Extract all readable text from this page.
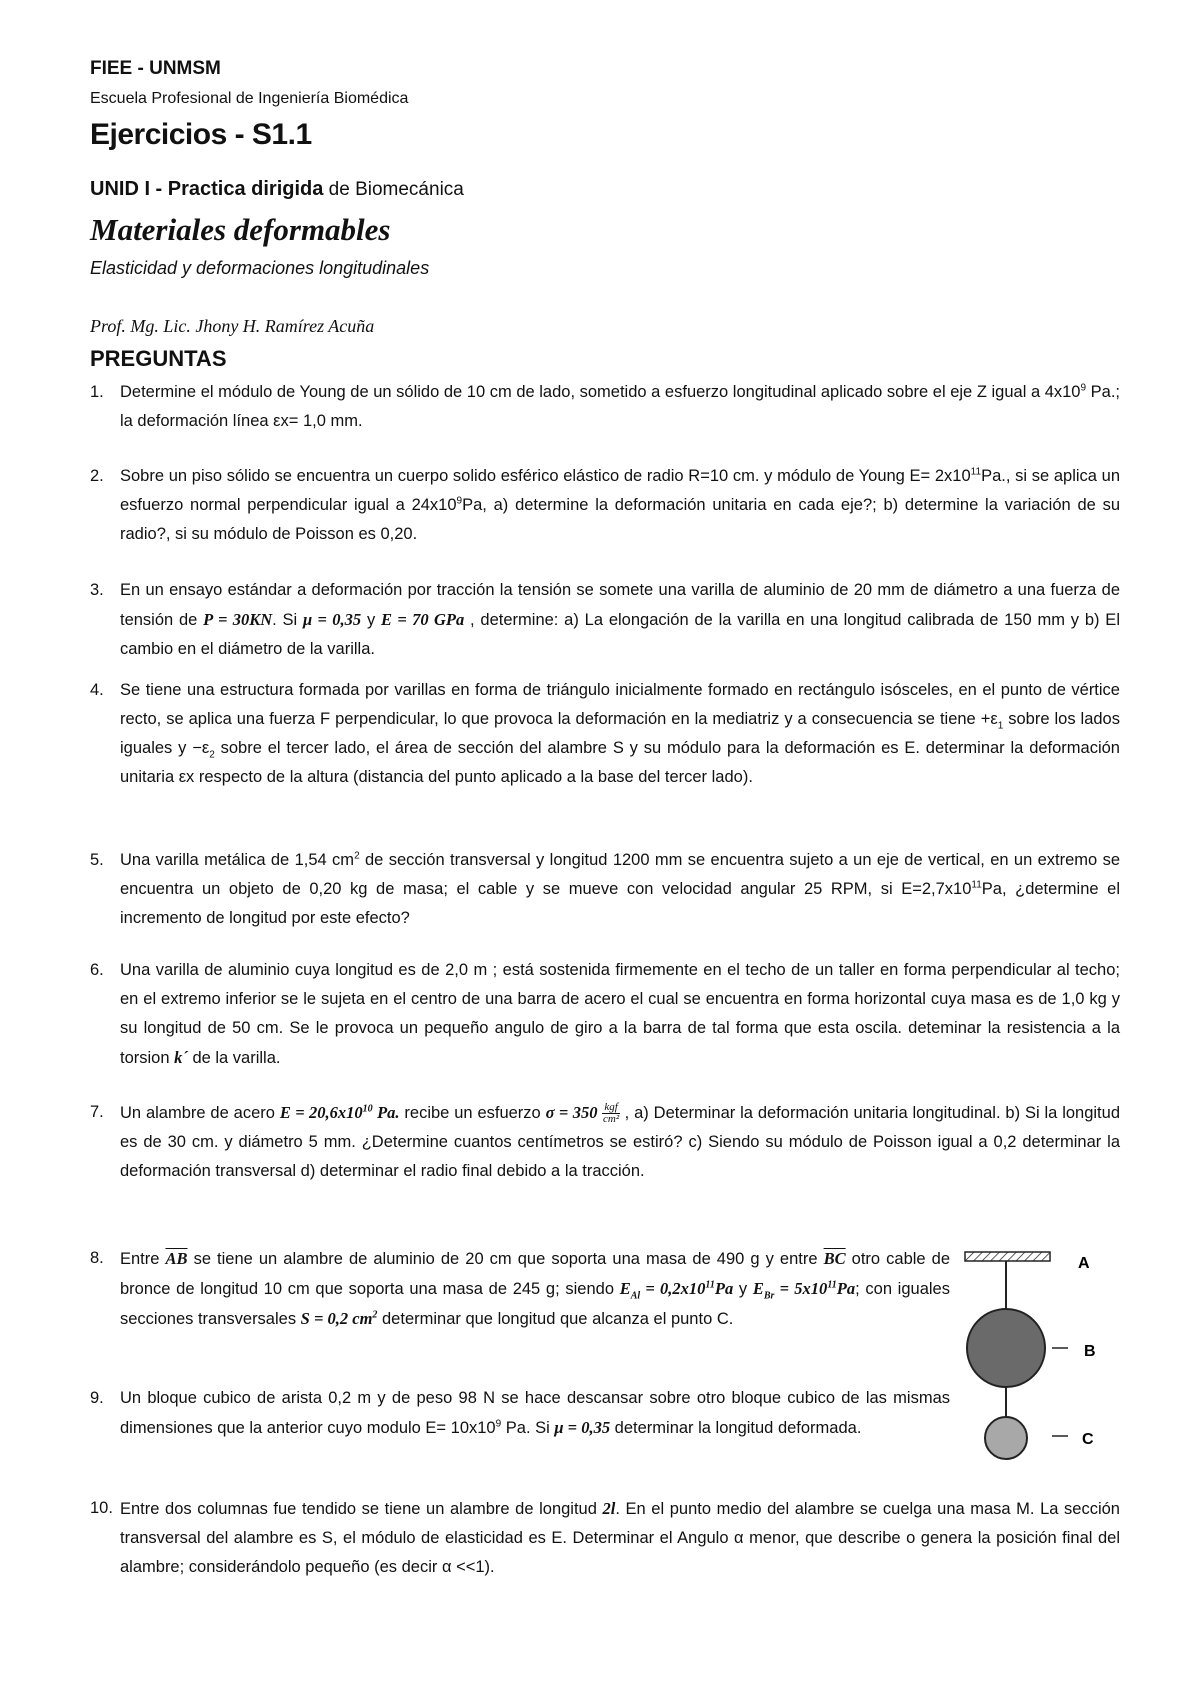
FIEE - UNMSM
Escuela Profesional de Ingeniería Biomédica
Ejercicios - S1.1
UNID I - Practica dirigida de Biomecánica
Materiales deformables
Elasticidad y deformaciones longitudinales
Prof. Mg. Lic. Jhony H. Ramírez Acuña
PREGUNTAS
1. Determine el módulo de Young de un sólido de 10 cm de lado, sometido a esfuerzo longitudinal aplicado sobre el eje Z igual a $4x10^9$ Pa.; la deformación línea εx= 1,0 mm.
2. Sobre un piso sólido se encuentra un cuerpo solido esférico elástico de radio R=10 cm. y módulo de Young $E= 2x10^{11}Pa$., si se aplica un esfuerzo normal perpendicular igual a $24x10^9Pa$, a) determine la deformación unitaria en cada eje?; b) determine la variación de su radio?, si su módulo de Poisson es 0,20.
3. En un ensayo estándar a deformación por tracción la tensión se somete una varilla de aluminio de 20 mm de diámetro a una fuerza de tensión de P = 30KN. Si μ = 0,35 y E = 70 GPa , determine: a) La elongación de la varilla en una longitud calibrada de 150 mm y b) El cambio en el diámetro de la varilla.
4. Se tiene una estructura formada por varillas en forma de triángulo inicialmente formado en rectángulo isósceles, en el punto de vértice recto, se aplica una fuerza F perpendicular, lo que provoca la deformación en la mediatriz y a consecuencia se tiene $+\varepsilon_1$ sobre los lados iguales $y -\varepsilon_2$ sobre el tercer lado, el área de sección del alambre S y su módulo para la deformación es E. determinar la deformación unitaria εx respecto de la altura (distancia del punto aplicado a la base del tercer lado).
5. Una varilla metálica de 1,54 $cm^2$ de sección transversal y longitud 1200 mm se encuentra sujeto a un eje de vertical, en un extremo se encuentra un objeto de 0,20 kg de masa; el cable y se mueve con velocidad angular 25 RPM, si $E=2,7x10^{11}Pa$, ¿determine el incremento de longitud por este efecto?
6. Una varilla de aluminio cuya longitud es de 2,0 m ; está sostenida firmemente en el techo de un taller en forma perpendicular al techo; en el extremo inferior se le sujeta en el centro de una barra de acero el cual se encuentra en forma horizontal cuya masa es de 1,0 kg y su longitud de 50 cm. Se le provoca un pequeño angulo de giro a la barra de tal forma que esta oscila. deteminar la resistencia a la torsion k´ de la varilla.
7. Un alambre de acero $E = 20,6x10^{10}$ Pa. recibe un esfuerzo $\sigma = 350 \frac{\text{kgf}}{\text{cm²}}$ , a) Determinar la deformación unitaria longitudinal. b) Si la longitud es de 30 cm. y diámetro 5 mm. ¿Determine cuantos centímetros se estiró? c) Siendo su módulo de Poisson igual a 0,2 determinar la deformación transversal d) determinar el radio final debido a la tracción.
8. Entre $\overline{AB}$ se tiene un alambre de aluminio de 20 cm que soporta una masa de 490 g y entre $\overline{BC}$ otro cable de bronce de longitud 10 cm que soporta una masa de 245 g; siendo $E_{Al} = 0,2x10^{11}Pa$ y $E_{Br} = 5x10^{11}Pa$; con iguales secciones transversales S = 0,2 $cm^2$ determinar que longitud que alcanza el punto C.
9. Un bloque cubico de arista 0,2 m y de peso 98 N se hace descansar sobre otro bloque cubico de las mismas dimensiones que la anterior cuyo modulo $E= 10x10^9$ Pa. Si μ = 0,35 determinar la longitud deformada.
10. Entre dos columnas fue tendido se tiene un alambre de longitud 2l. En el punto medio del alambre se cuelga una masa M. La sección transversal del alambre es S, el módulo de elasticidad es E. Determinar el Angulo α menor, que describe o genera la posición final del alambre; considerándolo pequeño (es decir α <<1).
A
B
C
